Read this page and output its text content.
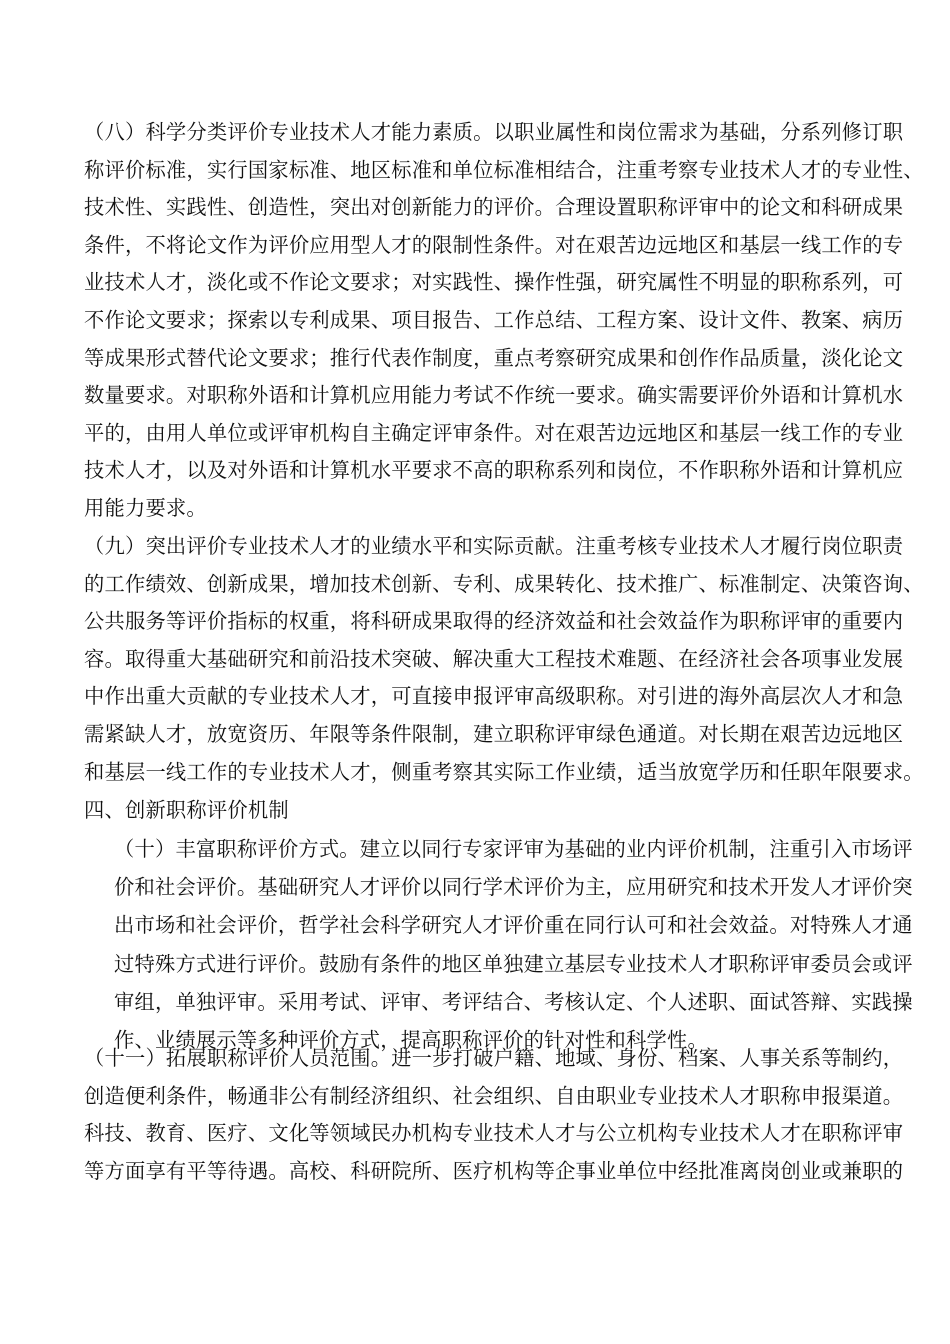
（八）科学分类评价专业技术人才能力素质。以职业属性和岗位需求为基础，分系列修订职
称评价标准，实行国家标准、地区标准和单位标准相结合，注重考察专业技术人才的专业性、
技术性、实践性、创造性，突出对创新能力的评价。合理设置职称评审中的论文和科研成果
条件，不将论文作为评价应用型人才的限制性条件。对在艰苦边远地区和基层一线工作的专
业技术人才，淡化或不作论文要求；对实践性、操作性强，研究属性不明显的职称系列，可
不作论文要求；探索以专利成果、项目报告、工作总结、工程方案、设计文件、教案、病历
等成果形式替代论文要求；推行代表作制度，重点考察研究成果和创作作品质量，淡化论文
数量要求。对职称外语和计算机应用能力考试不作统一要求。确实需要评价外语和计算机水
平的，由用人单位或评审机构自主确定评审条件。对在艰苦边远地区和基层一线工作的专业
技术人才，以及对外语和计算机水平要求不高的职称系列和岗位，不作职称外语和计算机应
用能力要求。
（九）突出评价专业技术人才的业绩水平和实际贡献。注重考核专业技术人才履行岗位职责
的工作绩效、创新成果，增加技术创新、专利、成果转化、技术推广、标准制定、决策咨询、
公共服务等评价指标的权重，将科研成果取得的经济效益和社会效益作为职称评审的重要内
容。取得重大基础研究和前沿技术突破、解决重大工程技术难题、在经济社会各项事业发展
中作出重大贡献的专业技术人才，可直接申报评审高级职称。对引进的海外高层次人才和急
需紧缺人才，放宽资历、年限等条件限制，建立职称评审绿色通道。对长期在艰苦边远地区
和基层一线工作的专业技术人才，侧重考察其实际工作业绩，适当放宽学历和任职年限要求。
四、创新职称评价机制
（十）丰富职称评价方式。建立以同行专家评审为基础的业内评价机制，注重引入市场评
价和社会评价。基础研究人才评价以同行学术评价为主，应用研究和技术开发人才评价突
出市场和社会评价，哲学社会科学研究人才评价重在同行认可和社会效益。对特殊人才通
过特殊方式进行评价。鼓励有条件的地区单独建立基层专业技术人才职称评审委员会或评
审组，单独评审。采用考试、评审、考评结合、考核认定、个人述职、面试答辩、实践操
作、业绩展示等多种评价方式，提高职称评价的针对性和科学性。
（十一）拓展职称评价人员范围。进一步打破户籍、地域、身份、档案、人事关系等制约，
创造便利条件，畅通非公有制经济组织、社会组织、自由职业专业技术人才职称申报渠道。
科技、教育、医疗、文化等领域民办机构专业技术人才与公立机构专业技术人才在职称评审
等方面享有平等待遇。高校、科研院所、医疗机构等企事业单位中经批准离岗创业或兼职的
